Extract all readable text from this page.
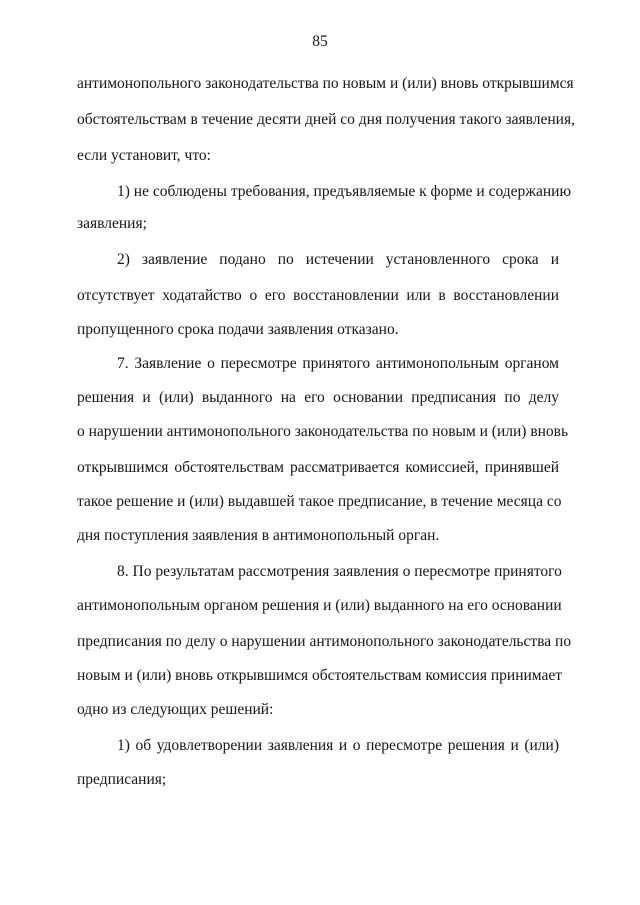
85
антимонопольного законодательства по новым и (или) вновь открывшимся
обстоятельствам в течение десяти дней со дня получения такого заявления,
если установит, что:
1) не соблюдены требования, предъявляемые к форме и содержанию
заявления;
2) заявление подано по истечении установленного срока и
отсутствует ходатайство о его восстановлении или в восстановлении
пропущенного срока подачи заявления отказано.
7. Заявление о пересмотре принятого антимонопольным органом
решения и (или) выданного на его основании предписания по делу
о нарушении антимонопольного законодательства по новым и (или) вновь
открывшимся обстоятельствам рассматривается комиссией, принявшей
такое решение и (или) выдавшей такое предписание, в течение месяца со
дня поступления заявления в антимонопольный орган.
8. По результатам рассмотрения заявления о пересмотре принятого
антимонопольным органом решения и (или) выданного на его основании
предписания по делу о нарушении антимонопольного законодательства по
новым и (или) вновь открывшимся обстоятельствам комиссия принимает
одно из следующих решений:
1) об удовлетворении заявления и о пересмотре решения и (или)
предписания;
